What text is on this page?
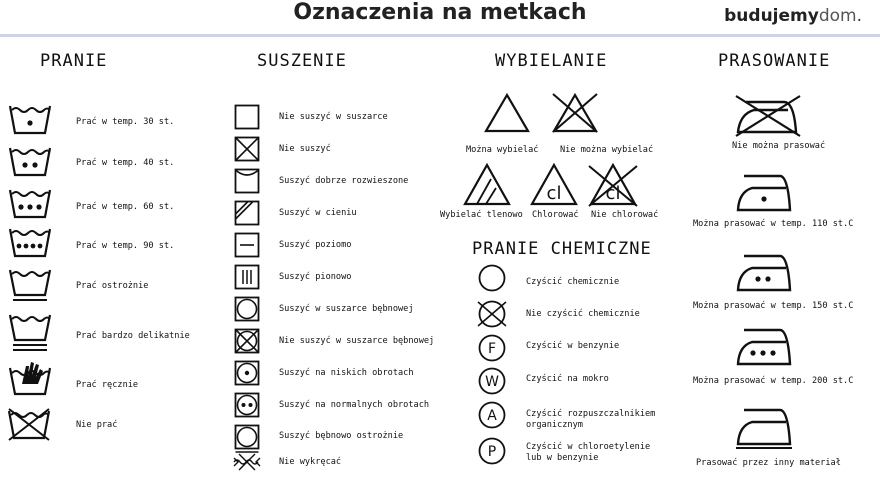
Oznaczenia na metkach	budujemydom.
PRANIE
Prać w temp. 30 st.
Prać w temp. 40 st.
Prać w temp. 60 st.
Prać w temp. 90 st.
Prać ostrożnie
Prać bardzo delikatnie
Prać ręcznie
Nie prać
SUSZENIE
Nie suszyć w suszarce
Nie suszyć
Suszyć dobrze rozwieszone
Suszyć w cieniu
Suszyć poziomo
Suszyć pionowo
Suszyć w suszarce bębnowej
Nie suszyć w suszarce bębnowej
Suszyć na niskich obrotach
Suszyć na normalnych obrotach
Suszyć bębnowo ostrożnie
Nie wykręcać
WYBIELANIE
Można wybielać	Nie można wybielać
Wybielać tlenowo
cl
Chlorować
cl
Nie chlorować
PRANIE CHEMICZNE
Czyścić chemicznie
Nie czyścić chemicznie
F	Czyścić w benzynie
W	Czyścić na mokro
A	Czyścić rozpuszczalnikiem
organicznym
P	Czyścić w chloroetylenie
lub w benzynie
PRASOWANIE
Nie można prasować
Można prasować w temp. 110 st.C
Można prasować w temp. 150 st.C
Można prasować w temp. 200 st.C
Prasować przez inny materiał
